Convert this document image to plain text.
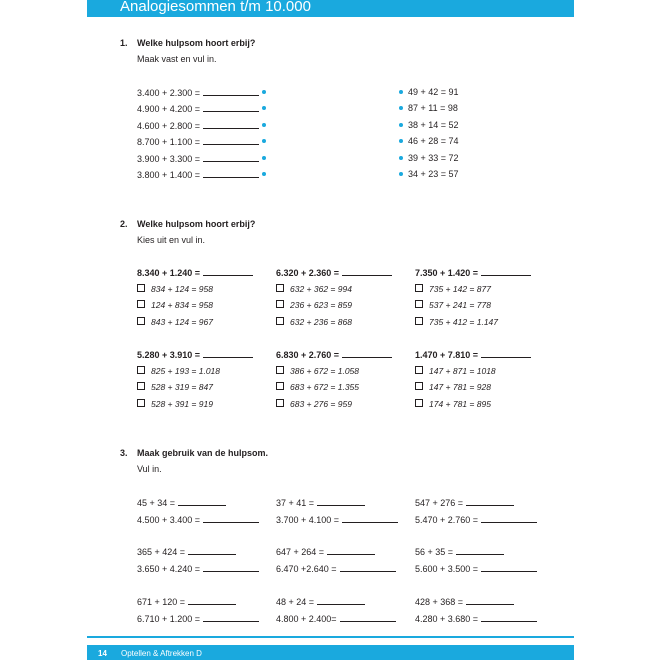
Analogiesommen t/m 10.000
1. Welke hulpsom hoort erbij?
Maak vast en vul in.
3.400 + 2.300 =
4.900 + 4.200 =
4.600 + 2.800 =
8.700 + 1.100 =
3.900 + 3.300 =
3.800 + 1.400 =
49 + 42 = 91
87 + 11 = 98
38 + 14 = 52
46 + 28 = 74
39 + 33 = 72
34 + 23 = 57
2. Welke hulpsom hoort erbij?
Kies uit en vul in.
8.340 + 1.240 =
834 + 124 = 958
124 + 834 = 958
843 + 124 = 967
6.320 + 2.360 =
632 + 362 = 994
236 + 623 = 859
632 + 236 = 868
7.350 + 1.420 =
735 + 142 = 877
537 + 241 = 778
735 + 412 = 1.147
5.280 + 3.910 =
825 + 193 = 1.018
528 + 319 = 847
528 + 391 = 919
6.830 + 2.760 =
386 + 672 = 1.058
683 + 672 = 1.355
683 + 276 = 959
1.470 + 7.810 =
147 + 871 = 1018
147 + 781 = 928
174 + 781 = 895
3. Maak gebruik van de hulpsom.
Vul in.
45 + 34 =
4.500 + 3.400 =
37 + 41 =
3.700 + 4.100 =
547 + 276 =
5.470 + 2.760 =
365 + 424 =
3.650 + 4.240 =
647 + 264 =
6.470 +2.640 =
56 + 35 =
5.600 + 3.500 =
671 + 120 =
6.710 + 1.200 =
48 + 24 =
4.800 + 2.400=
428 + 368 =
4.280 + 3.680 =
14 Optellen & Aftrekken D
